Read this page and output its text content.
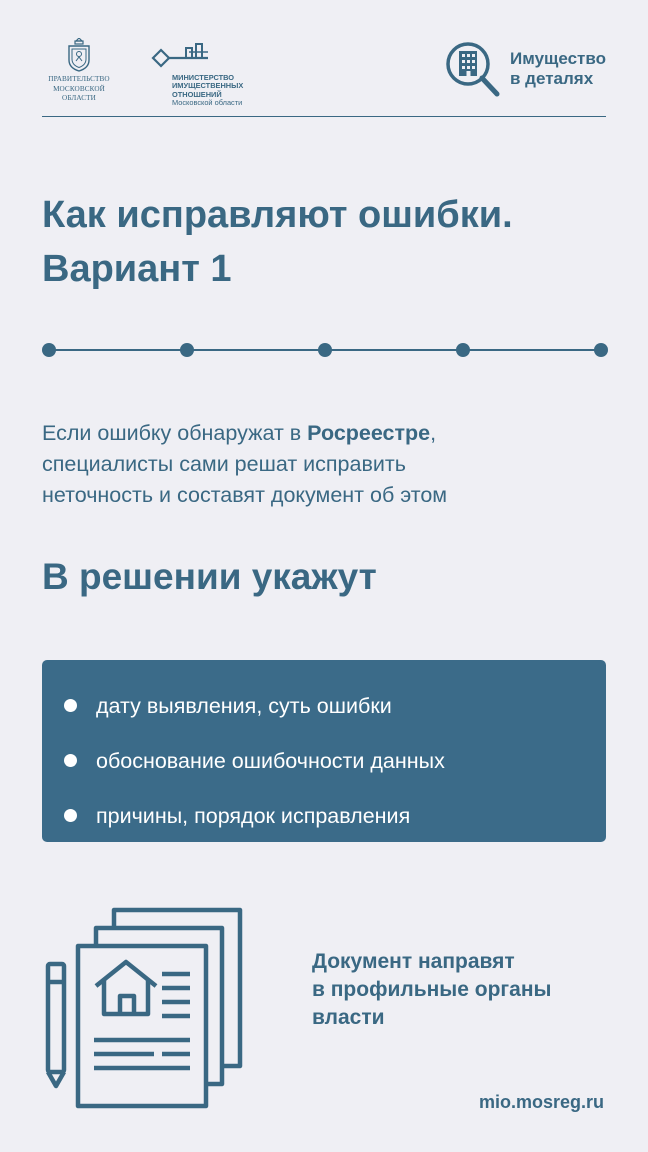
ПРАВИТЕЛЬСТВО
МОСКОВСКОЙ
ОБЛАСТИ
МИНИСТЕРСТВО
ИМУЩЕСТВЕННЫХ
ОТНОШЕНИЙ
Московской области
Имущество
в деталях
Как исправляют ошибки.
Вариант 1
Если ошибку обнаружат в Росреестре,
специалисты сами решат исправить
неточность и составят документ об этом
В решении укажут
дату выявления, суть ошибки
обоснование ошибочности данных
причины, порядок исправления
Документ направят
в профильные органы
власти
mio.mosreg.ru
